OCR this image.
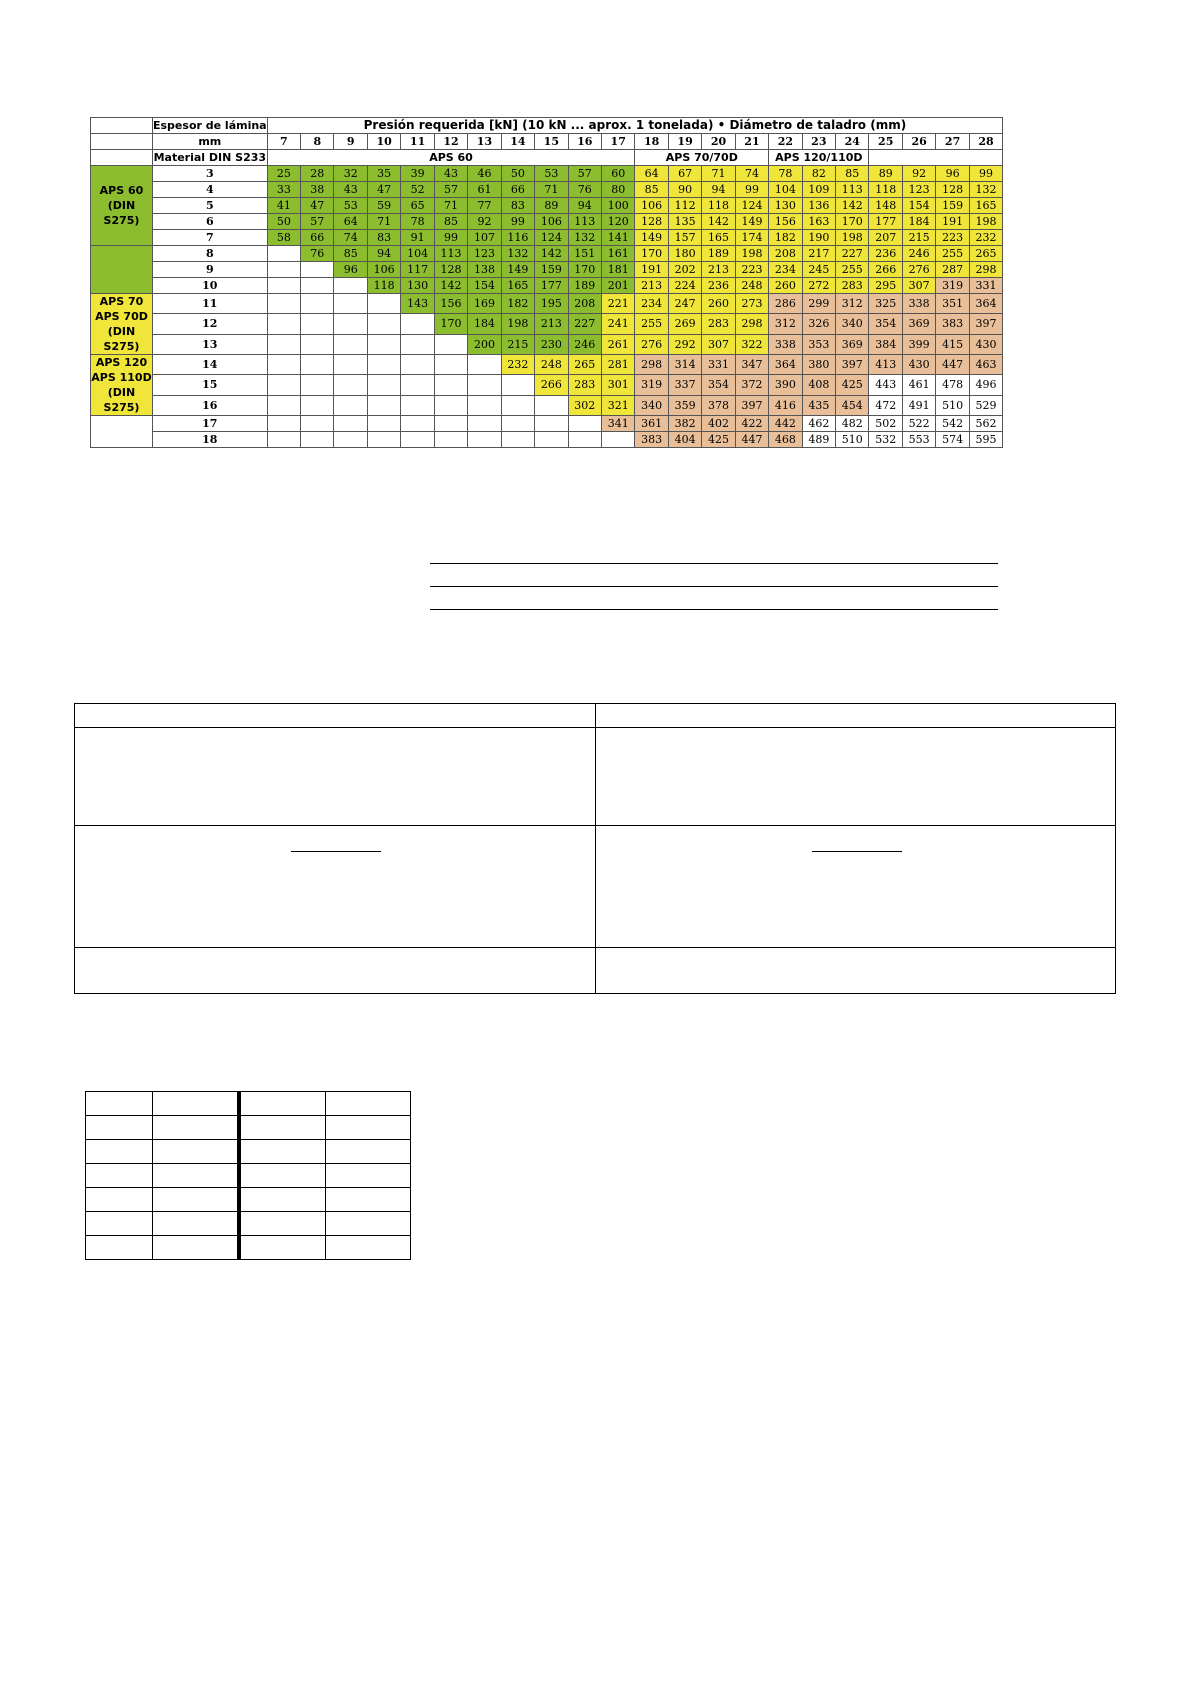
	Espesor de lámina	Presión requerida [kN] (10 kN ... aprox. 1 tonelada) • Diámetro de taladro (mm)																					
	mm	7	8	9	10	11	12	13	14	15	16	17	18	19	20	21	22	23	24	25	26	27	28
	Material DIN S233	APS 60											APS 70/70D				APS 120/110D						
APS 60
(DIN S275)	3	25	28	32	35	39	43	46	50	53	57	60	64	67	71	74	78	82	85	89	92	96	99
	4	33	38	43	47	52	57	61	66	71	76	80	85	90	94	99	104	109	113	118	123	128	132
	5	41	47	53	59	65	71	77	83	89	94	100	106	112	118	124	130	136	142	148	154	159	165
	6	50	57	64	71	78	85	92	99	106	113	120	128	135	142	149	156	163	170	177	184	191	198
	7	58	66	74	83	91	99	107	116	124	132	141	149	157	165	174	182	190	198	207	215	223	232
	8		76	85	94	104	113	123	132	142	151	161	170	180	189	198	208	217	227	236	246	255	265
	9			96	106	117	128	138	149	159	170	181	191	202	213	223	234	245	255	266	276	287	298
	10				118	130	142	154	165	177	189	201	213	224	236	248	260	272	283	295	307	319	331
APS 70
APS 70D
(DIN S275)	11					143	156	169	182	195	208	221	234	247	260	273	286	299	312	325	338	351	364
	12						170	184	198	213	227	241	255	269	283	298	312	326	340	354	369	383	397
	13							200	215	230	246	261	276	292	307	322	338	353	369	384	399	415	430
APS 120
APS 110D
(DIN S275)	14								232	248	265	281	298	314	331	347	364	380	397	413	430	447	463
	15									266	283	301	319	337	354	372	390	408	425	443	461	478	496
	16										302	321	340	359	378	397	416	435	454	472	491	510	529
	17											341	361	382	402	422	442	462	482	502	522	542	562
	18												383	404	425	447	468	489	510	532	553	574	595
